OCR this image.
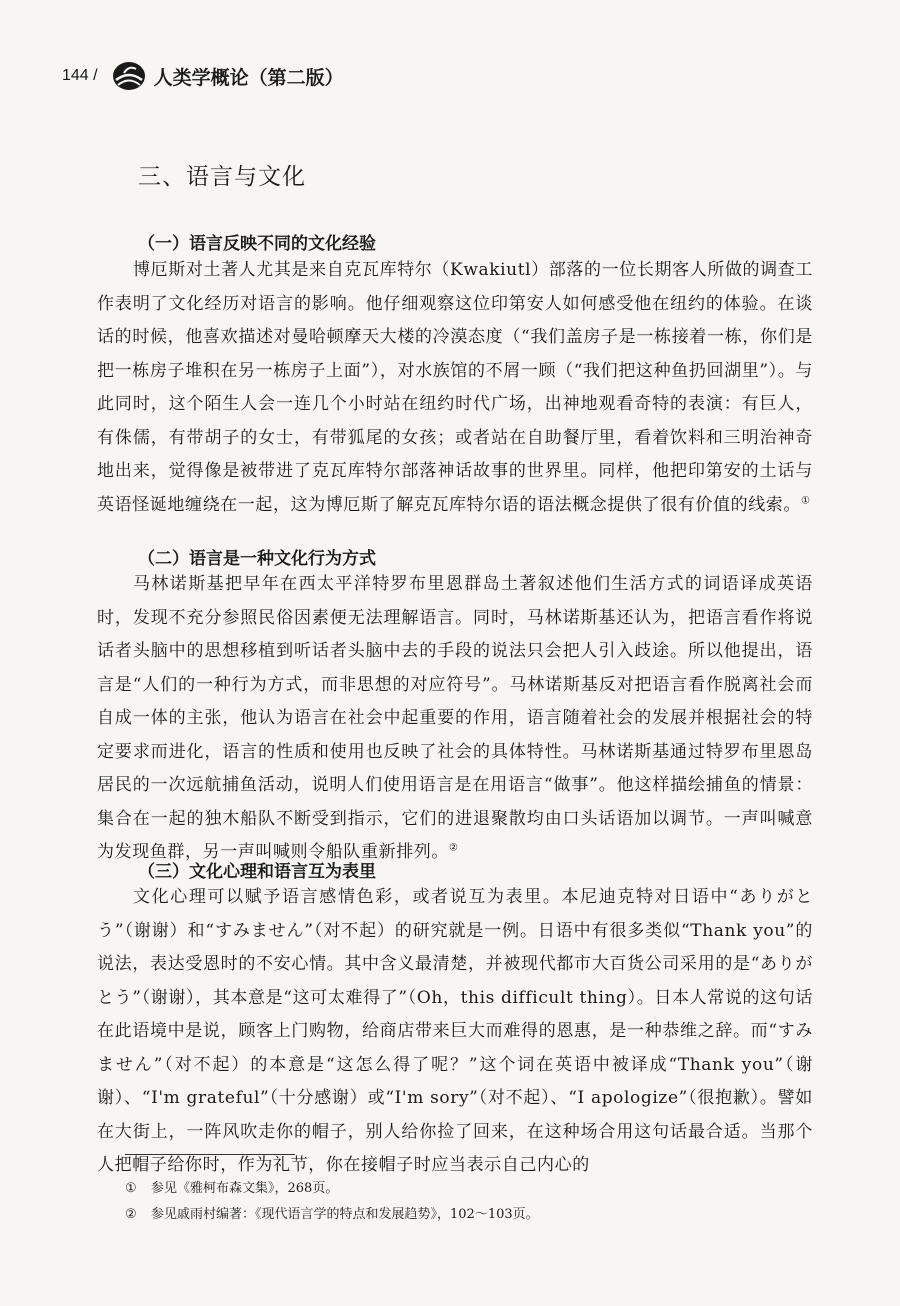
144 /	人类学概论（第二版）
三、语言与文化
（一）语言反映不同的文化经验

博厄斯对土著人尤其是来自克瓦库特尔（Kwakiutl）部落的一位长期客人所做的调查工作表明了文化经历对语言的影响。他仔细观察这位印第安人如何感受他在纽约的体验。在谈话的时候，他喜欢描述对曼哈顿摩天大楼的冷漠态度（“我们盖房子是一栋接着一栋，你们是把一栋房子堆积在另一栋房子上面”），对水族馆的不屑一顾（“我们把这种鱼扔回湖里”）。与此同时，这个陌生人会一连几个小时站在纽约时代广场，出神地观看奇特的表演：有巨人，有侏儒，有带胡子的女士，有带狐尾的女孩；或者站在自助餐厅里，看着饮料和三明治神奇地出来，觉得像是被带进了克瓦库特尔部落神话故事的世界里。同样，他把印第安的土话与英语怪诞地缠绕在一起，这为博厄斯了解克瓦库特尔语的语法概念提供了很有价值的线索。①

（二）语言是一种文化行为方式

马林诺斯基把早年在西太平洋特罗布里恩群岛土著叙述他们生活方式的词语译成英语时，发现不充分参照民俗因素便无法理解语言。同时，马林诺斯基还认为，把语言看作将说话者头脑中的思想移植到听话者头脑中去的手段的说法只会把人引入歧途。所以他提出，语言是“人们的一种行为方式，而非思想的对应符号”。马林诺斯基反对把语言看作脱离社会而自成一体的主张，他认为语言在社会中起重要的作用，语言随着社会的发展并根据社会的特定要求而进化，语言的性质和使用也反映了社会的具体特性。马林诺斯基通过特罗布里恩岛居民的一次远航捕鱼活动，说明人们使用语言是在用语言“做事”。他这样描绘捕鱼的情景：集合在一起的独木船队不断受到指示，它们的进退聚散均由口头话语加以调节。一声叫喊意为发现鱼群，另一声叫喊则令船队重新排列。②

（三）文化心理和语言互为表里

文化心理可以赋予语言感情色彩，或者说互为表里。本尼迪克特对日语中“ありがとう”（谢谢）和“すみません”（对不起）的研究就是一例。日语中有很多类似“Thank you”的说法，表达受恩时的不安心情。其中含义最清楚，并被现代都市大百货公司采用的是“ありがとう”（谢谢），其本意是“这可太难得了”（Oh，this difficult thing）。日本人常说的这句话在此语境中是说，顾客上门购物，给商店带来巨大而难得的恩惠，是一种恭维之辞。而“すみません”（对不起）的本意是“这怎么得了呢？”这个词在英语中被译成“Thank you”（谢谢）、“I'm grateful”（十分感谢）或“I'm sory”（对不起）、“I apologize”（很抱歉）。譬如在大街上，一阵风吹走你的帽子，别人给你捡了回来，在这种场合用这句话最合适。当那个人把帽子给你时，作为礼节，你在接帽子时应当表示自己内心的

① 参见《雅柯布森文集》，268页。
② 参见戚雨村编著：《现代语言学的特点和发展趋势》，102～103页。
